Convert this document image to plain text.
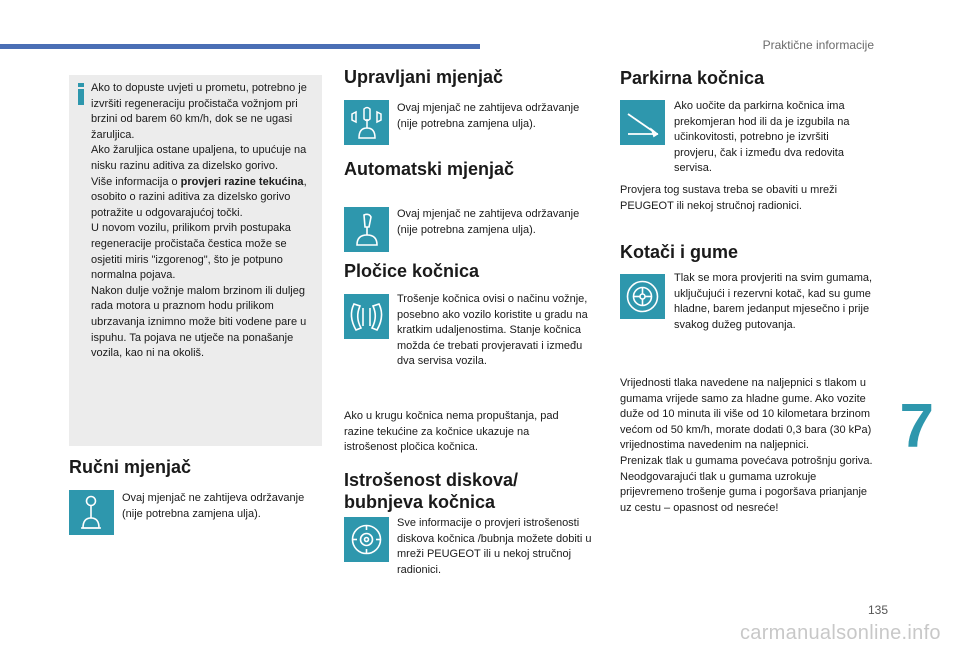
Praktične informacije
7

Ako to dopuste uvjeti u prometu, potrebno je izvršiti regeneraciju pročistača vožnjom pri brzini od barem 60 km/h, dok se ne ugasi žaruljica.

Ako žaruljica ostane upaljena, to upućuje na nisku razinu aditiva za dizelsko gorivo.

Više informacija o provjeri razine tekućina, osobito o razini aditiva za dizelsko gorivo potražite u odgovarajućoj točki.

U novom vozilu, prilikom prvih postupaka regeneracije pročistača čestica može se osjetiti miris "izgorenog", što je potpuno normalna pojava.

Nakon dulje vožnje malom brzinom ili duljeg rada motora u praznom hodu prilikom ubrzavanja iznimno može biti vodene pare u ispuhu. Ta pojava ne utječe na ponašanje vozila, kao ni na okoliš.

Ručni mjenjač

Ovaj mjenjač ne zahtijeva održavanje (nije potrebna zamjena ulja).

Upravljani mjenjač

Ovaj mjenjač ne zahtijeva održavanje (nije potrebna zamjena ulja).

Automatski mjenjač

Ovaj mjenjač ne zahtijeva održavanje (nije potrebna zamjena ulja).

Pločice kočnica

Trošenje kočnica ovisi o načinu vožnje, posebno ako vozilo koristite u gradu na kratkim udaljenostima. Stanje kočnica možda će trebati provjeravati i između dva servisa vozila.

Ako u krugu kočnica nema propuštanja, pad razine tekućine za kočnice ukazuje na istrošenost pločica kočnica.

Istrošenost diskova/
bubnjeva kočnica

Sve informacije o provjeri istrošenosti diskova kočnica /bubnja možete dobiti u mreži PEUGEOT ili u nekoj stručnoj radionici.

Parkirna kočnica

Ako uočite da parkirna kočnica ima prekomjeran hod ili da je izgubila na učinkovitosti, potrebno je izvršiti provjeru, čak i između dva redovita servisa.

Provjera tog sustava treba se obaviti u mreži PEUGEOT ili nekoj stručnoj radionici.

Kotači i gume

Tlak se mora provjeriti na svim gumama, uključujući i rezervni kotač, kad su gume hladne, barem jedanput mjesečno i prije svakog dužeg putovanja.

Vrijednosti tlaka navedene na naljepnici s tlakom u gumama vrijede samo za hladne gume. Ako vozite duže od 10 minuta ili više od 10 kilometara brzinom većom od 50 km/h, morate dodati 0,3 bara (30 kPa) vrijednostima navedenim na naljepnici.
Prenizak tlak u gumama povećava potrošnju goriva. Neodgovarajući tlak u gumama uzrokuje prijevremeno trošenje guma i pogoršava prianjanje uz cestu – opasnost od nesreće!

135
carmanualsonline.info
